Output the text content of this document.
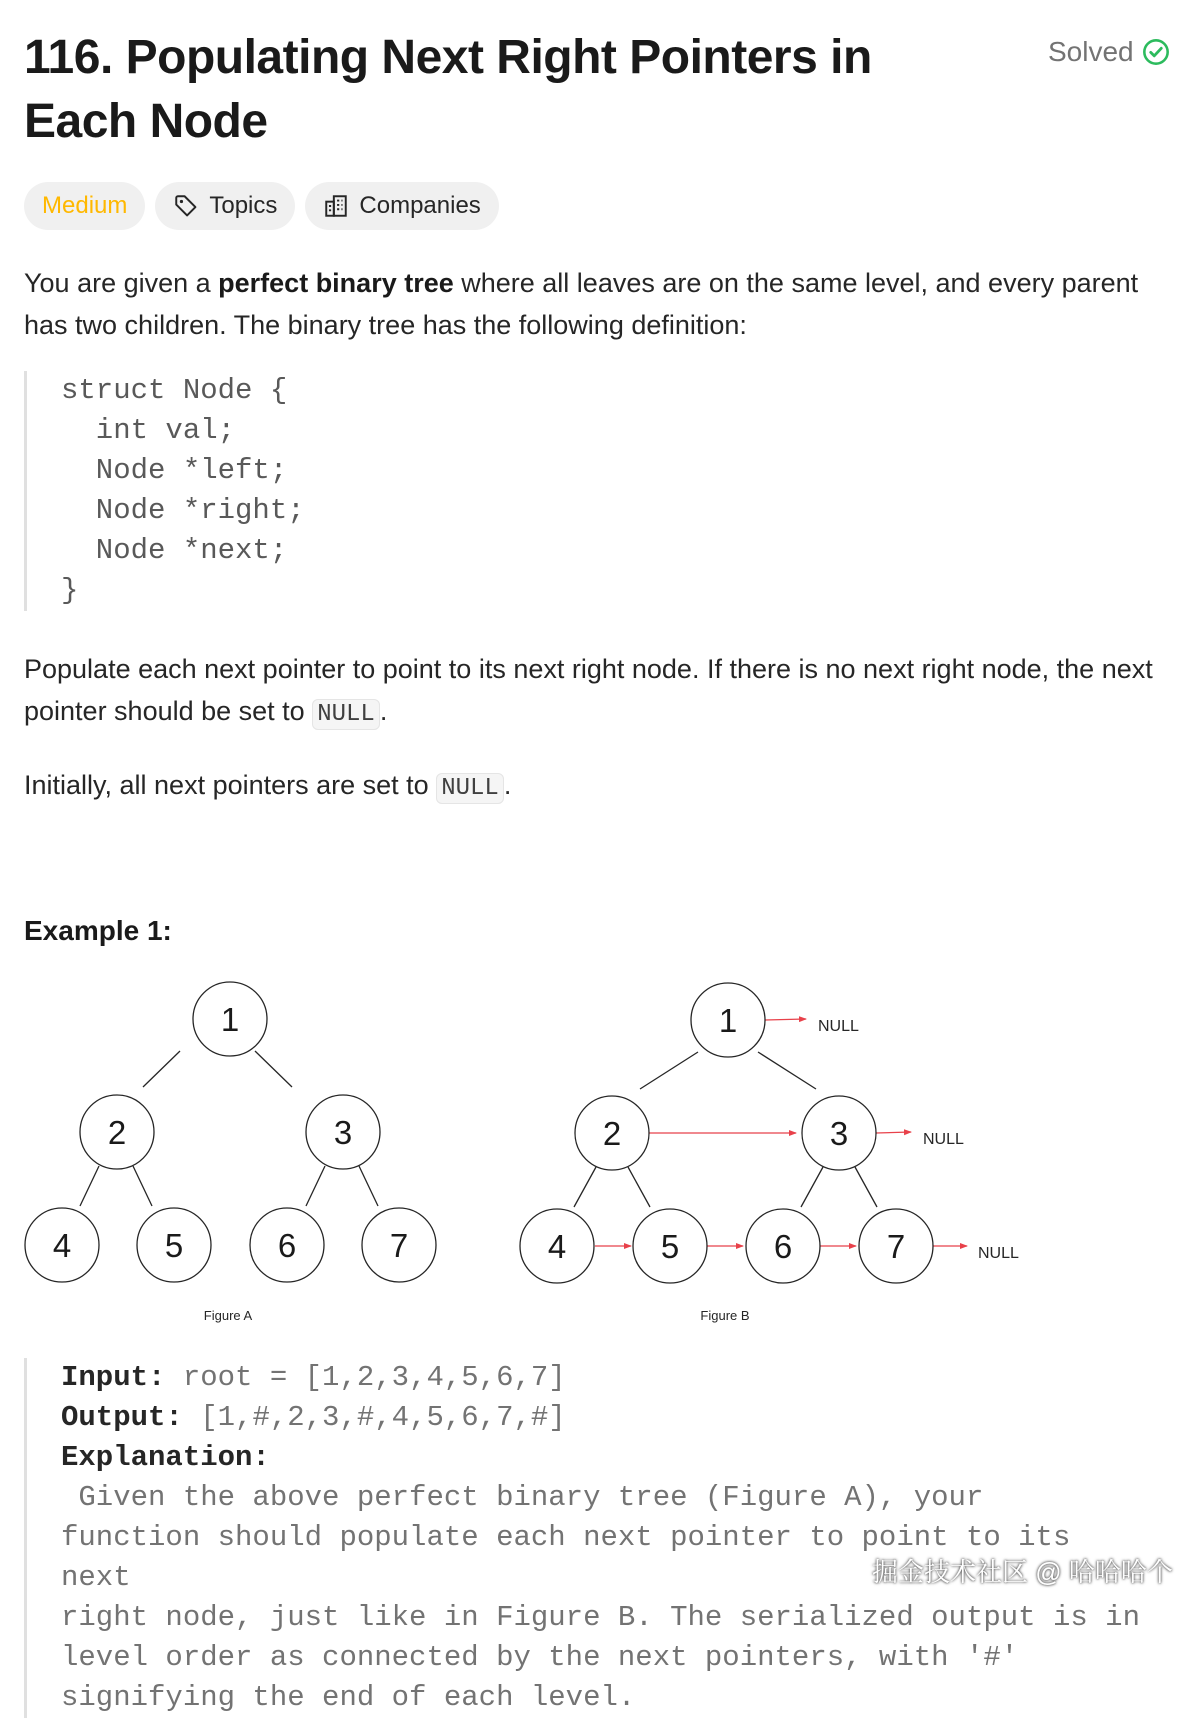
116. Populating Next Right Pointers in Each Node
Solved
Medium	Topics	Companies

You are given a perfect binary tree where all leaves are on the same level, and every parent has two children. The binary tree has the following definition:

struct Node {
int val;
Node *left;
Node *right;
Node *next;
}

Populate each next pointer to point to its next right node. If there is no next right node, the next pointer should be set to NULL .

Initially, all next pointers are set to NULL .

Example 1:
1
2	3
4	5	6	7
Figure A
1
2	3
4	5	6	7
NULL
NULL
NULL
Figure B
Input: root = [1,2,3,4,5,6,7]
Output: [1,#,2,3,#,4,5,6,7,#]
Explanation: Given the above perfect binary tree (Figure A), your
function should populate each next pointer to point to its next
right node, just like in Figure B. The serialized output is in
level order as connected by the next pointers, with '#'
signifying the end of each level.
掘金技术社区 @ 哈哈哈个
